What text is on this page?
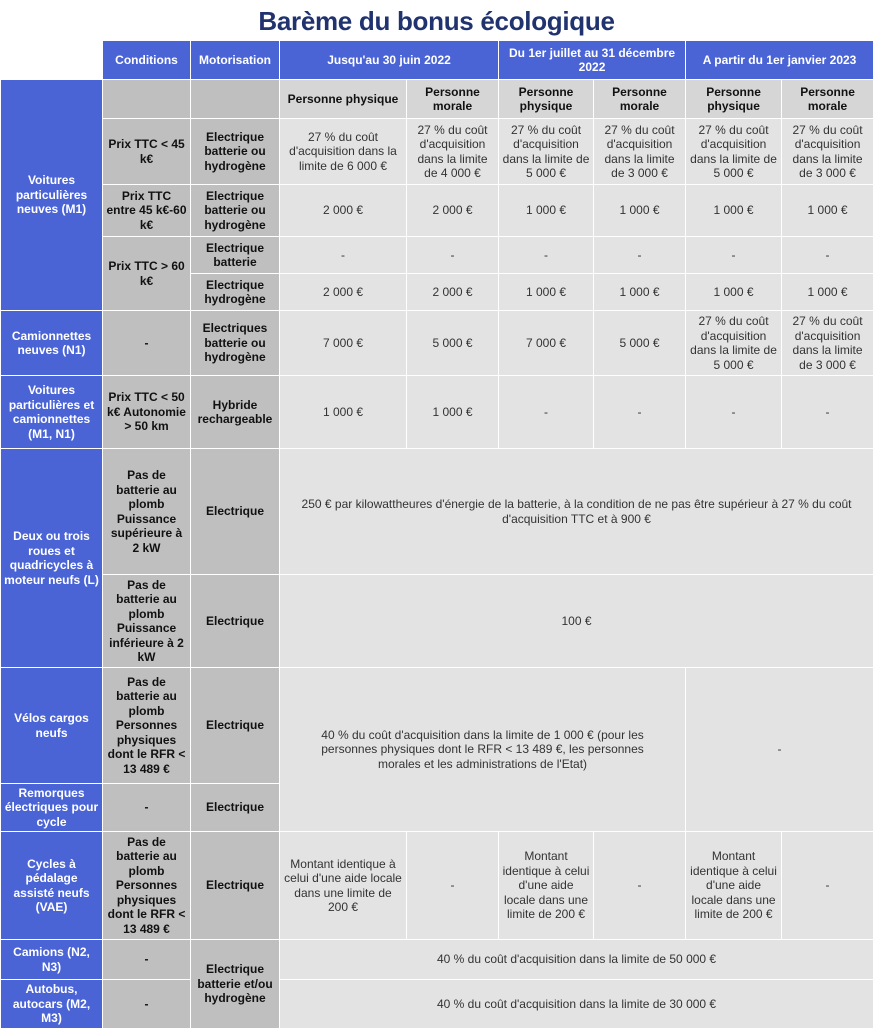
Barème du bonus écologique
	Conditions	Motorisation	Jusqu'au 30 juin 2022		Du 1er juillet au 31 décembre 2022		A partir du 1er janvier 2023	
Voitures particulières neuves (M1)			Personne physique	Personne morale	Personne physique	Personne morale	Personne physique	Personne morale
	Prix TTC < 45 k€	Electrique batterie ou hydrogène	27 % du coût d'acquisition dans la limite de 6 000 €	27 % du coût d'acquisition dans la limite de 4 000 €	27 % du coût d'acquisition dans la limite de 5 000 €	27 % du coût d'acquisition dans la limite de 3 000 €	27 % du coût d'acquisition dans la limite de 5 000 €	27 % du coût d'acquisition dans la limite de 3 000 €
	Prix TTC entre 45 k€-60 k€	Electrique batterie ou hydrogène	2 000 €	2 000 €	1 000 €	1 000 €	1 000 €	1 000 €
	Prix TTC > 60 k€	Electrique batterie	-	-	-	-	-	-
		Electrique hydrogène	2 000 €	2 000 €	1 000 €	1 000 €	1 000 €	1 000 €
Camionnettes neuves (N1)	-	Electriques batterie ou hydrogène	7 000 €	5 000 €	7 000 €	5 000 €	27 % du coût d'acquisition dans la limite de 5 000 €	27 % du coût d'acquisition dans la limite de 3 000 €
Voitures particulières et camionnettes (M1, N1)	Prix TTC < 50 k€ Autonomie > 50 km	Hybride rechargeable	1 000 €	1 000 €	-	-	-	-
Deux ou trois roues et quadricycles à moteur neufs (L)	Pas de batterie au plomb Puissance supérieure à 2 kW	Electrique	250 € par kilowattheures d'énergie de la batterie, à la condition de ne pas être supérieur à 27 % du coût d'acquisition TTC et à 900 €					
	Pas de batterie au plomb Puissance inférieure à 2 kW	Electrique	100 €					
Vélos cargos neufs	Pas de batterie au plomb Personnes physiques dont le RFR < 13 489 €	Electrique	40 % du coût d'acquisition dans la limite de 1 000 € (pour les personnes physiques dont le RFR < 13 489 €, les personnes morales et les administrations de l'Etat)				-	
Remorques électriques pour cycle	-	Electrique						
Cycles à pédalage assisté neufs (VAE)	Pas de batterie au plomb Personnes physiques dont le RFR < 13 489 €	Electrique	Montant identique à celui d'une aide locale dans une limite de 200 €	-	Montant identique à celui d'une aide locale dans une limite de 200 €	-	Montant identique à celui d'une aide locale dans une limite de 200 €	-
Camions (N2, N3)	-	Electrique batterie et/ou hydrogène	40 % du coût d'acquisition dans la limite de 50 000 €					
Autobus, autocars (M2, M3)	-		40 % du coût d'acquisition dans la limite de 30 000 €					
